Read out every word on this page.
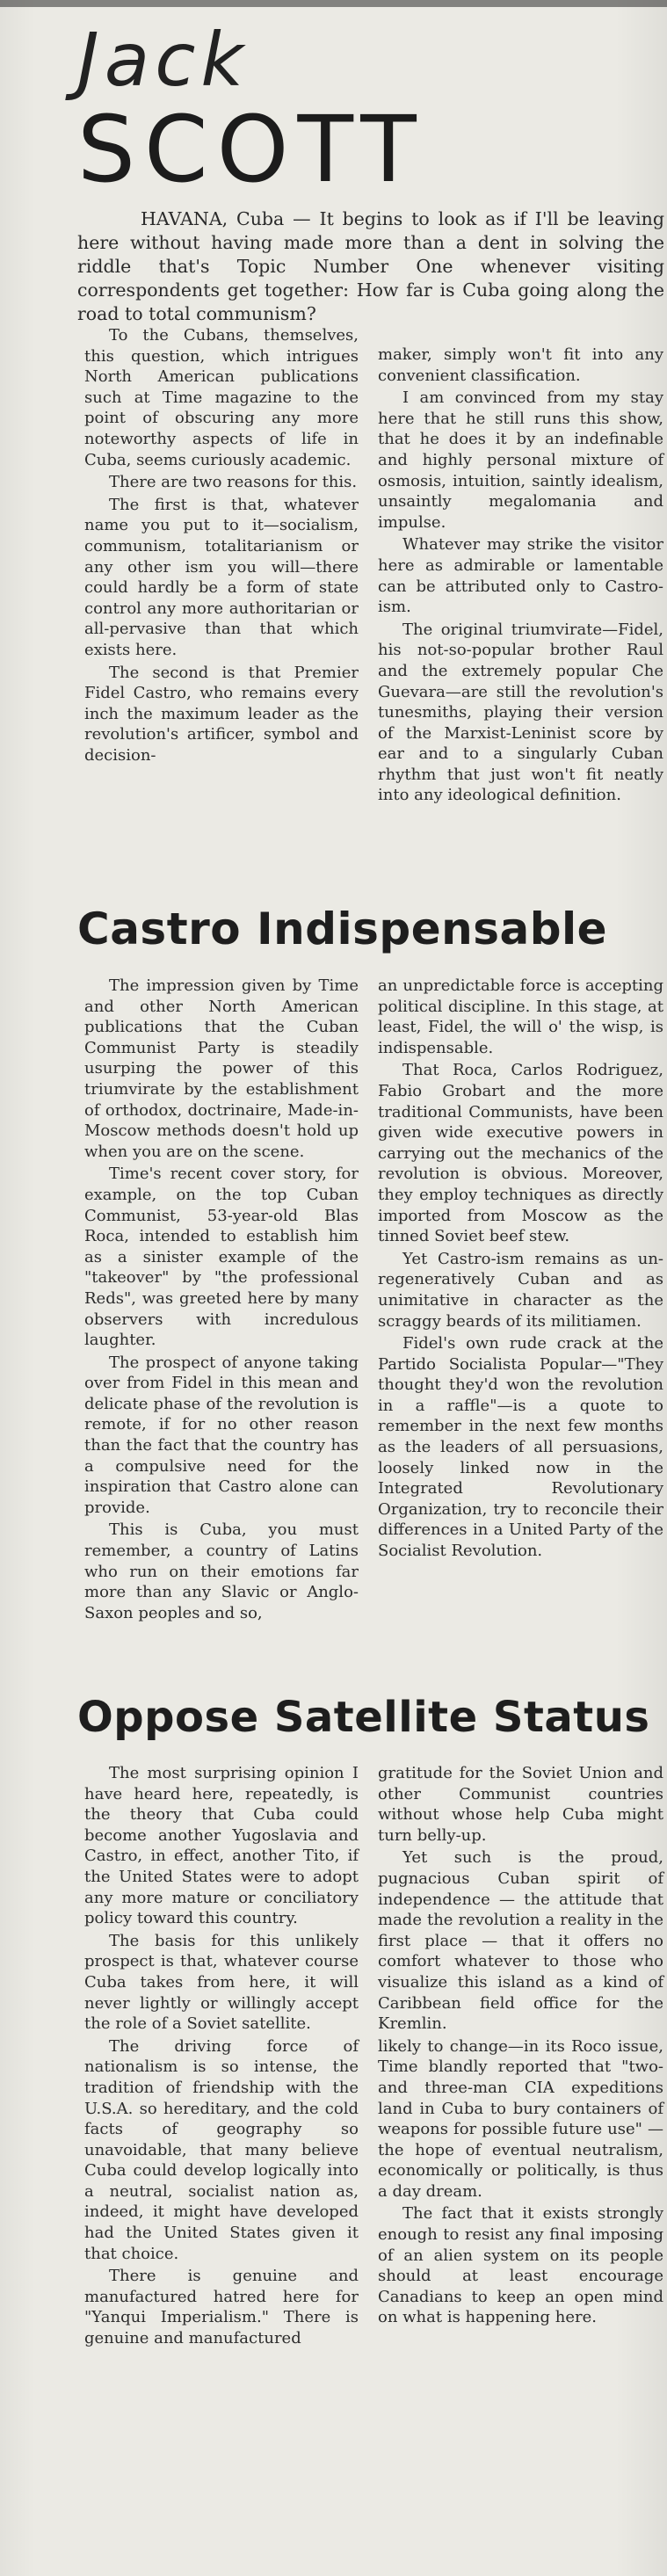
Jack
SCOTT
HAVANA, Cuba — It begins to look as if I'll be leaving here without having made more than a dent in solving the riddle that's Topic Number One whenever visiting correspondents get together: How far is Cuba going along the road to total communism?

To the Cubans, themselves, this question, which intrigues North American publications such at Time magazine to the point of obscuring any more noteworthy aspects of life in Cuba, seems curiously academic.

There are two reasons for this.

The first is that, whatever name you put to it—socialism, communism, totalitarianism or any other ism you will—there could hardly be a form of state control any more authoritarian or all-pervasive than that which exists here.

The second is that Premier Fidel Castro, who remains every inch the maximum leader as the revolution's artificer, symbol and decision-

maker, simply won't fit into any convenient classification.

I am convinced from my stay here that he still runs this show, that he does it by an indefinable and highly personal mixture of osmosis, intuition, saintly idealism, unsaintly megalomania and impulse.

Whatever may strike the visitor here as admirable or lamentable can be attributed only to Castro-ism.

The original triumvirate—Fidel, his not-so-popular brother Raul and the extremely popular Che Guevara—are still the revolution's tunesmiths, playing their version of the Marxist-Leninist score by ear and to a singularly Cuban rhythm that just won't fit neatly into any ideological definition.

Castro Indispensable

The impression given by Time and other North American publications that the Cuban Communist Party is steadily usurping the power of this triumvirate by the establishment of orthodox, doctrinaire, Made-in-Moscow methods doesn't hold up when you are on the scene.

Time's recent cover story, for example, on the top Cuban Communist, 53-year-old Blas Roca, intended to establish him as a sinister example of the "takeover" by "the professional Reds", was greeted here by many observers with incredulous laughter.

The prospect of anyone taking over from Fidel in this mean and delicate phase of the revolution is remote, if for no other reason than the fact that the country has a compulsive need for the inspiration that Castro alone can provide.

This is Cuba, you must remember, a country of Latins who run on their emotions far more than any Slavic or Anglo-Saxon peoples and so,

an unpredictable force is accepting political discipline. In this stage, at least, Fidel, the will o' the wisp, is indispensable.

That Roca, Carlos Rodriguez, Fabio Grobart and the more traditional Communists, have been given wide executive powers in carrying out the mechanics of the revolution is obvious. Moreover, they employ techniques as directly imported from Moscow as the tinned Soviet beef stew.

Yet Castro-ism remains as un-regeneratively Cuban and as unimitative in character as the scraggy beards of its militiamen.

Fidel's own rude crack at the Partido Socialista Popular—"They thought they'd won the revolution in a raffle"—is a quote to remember in the next few months as the leaders of all persuasions, loosely linked now in the Integrated Revolutionary Organization, try to reconcile their differences in a United Party of the Socialist Revolution.

Oppose Satellite Status

The most surprising opinion I have heard here, repeatedly, is the theory that Cuba could become another Yugoslavia and Castro, in effect, another Tito, if the United States were to adopt any more mature or conciliatory policy toward this country.

The basis for this unlikely prospect is that, whatever course Cuba takes from here, it will never lightly or willingly accept the role of a Soviet satellite.

The driving force of nationalism is so intense, the tradition of friendship with the U.S.A. so hereditary, and the cold facts of geography so unavoidable, that many believe Cuba could develop logically into a neutral, socialist nation as, indeed, it might have developed had the United States given it that choice.

There is genuine and manufactured hatred here for "Yanqui Imperialism." There is genuine and manufactured

gratitude for the Soviet Union and other Communist countries without whose help Cuba might turn belly-up.

Yet such is the proud, pugnacious Cuban spirit of independence — the attitude that made the revolution a reality in the first place — that it offers no comfort whatever to those who visualize this island as a kind of Caribbean field office for the Kremlin.

likely to change—in its Roco issue, Time blandly reported that "two- and three-man CIA expeditions land in Cuba to bury containers of weapons for possible future use" — the hope of eventual neutralism, economically or politically, is thus a day dream.

The fact that it exists strongly enough to resist any final imposing of an alien system on its people should at least encourage Canadians to keep an open mind on what is happening here.
